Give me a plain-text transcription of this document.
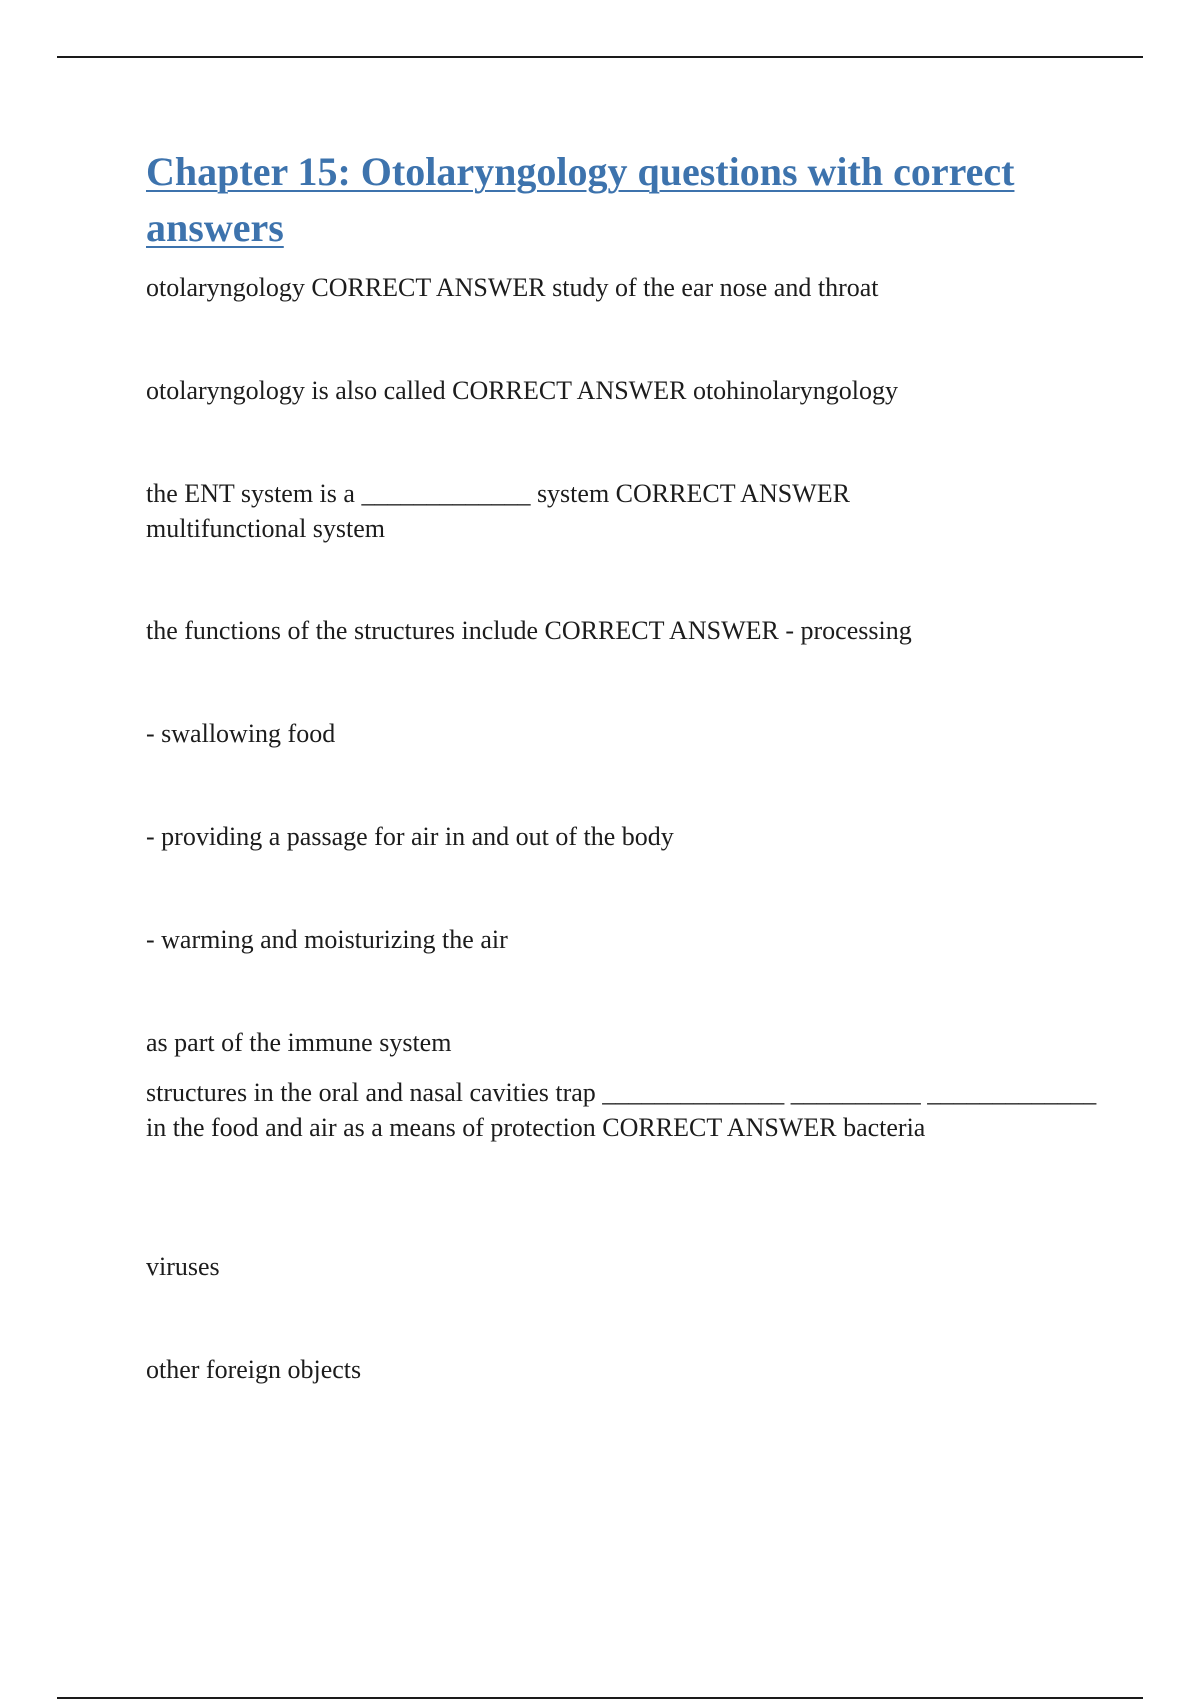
Chapter 15: Otolaryngology questions with correct answers

otolaryngology CORRECT ANSWER study of the ear nose and throat

otolaryngology is also called CORRECT ANSWER otohinolaryngology

the ENT system is a _____________ system CORRECT ANSWER multifunctional system

the functions of the structures include CORRECT ANSWER - processing

- swallowing food

- providing a passage for air in and out of the body

- warming and moisturizing the air

as part of the immune system

structures in the oral and nasal cavities trap ______________ __________ _____________ in the food and air as a means of protection CORRECT ANSWER bacteria

viruses

other foreign objects
